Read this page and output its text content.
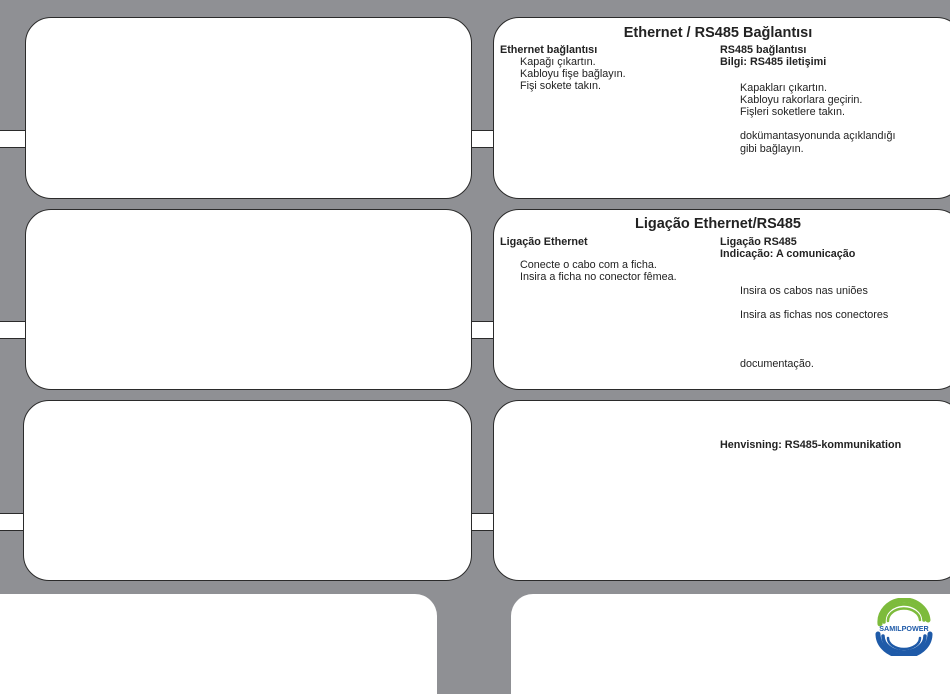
Ethernet / RS485 Bağlantısı
Ethernet bağlantısı
Kapağı çıkartın.
Kabloyu fişe bağlayın.
Fişi sokete takın.
RS485 bağlantısı
Bilgi: RS485 iletişimi
Kapakları çıkartın.
Kabloyu rakorlara geçirin.
Fişleri soketlere takın.
dokümantasyonunda açıklandığı
gibi bağlayın.
Ligação Ethernet/RS485
Ligação Ethernet
Conecte o cabo com a ficha.
Insira a ficha no conector fêmea.
Ligação RS485
Indicação: A comunicação
Insira os cabos nas uniões
Insira as fichas nos conectores
documentação.
Henvisning: RS485-kommunikation
SAMILPOWER
